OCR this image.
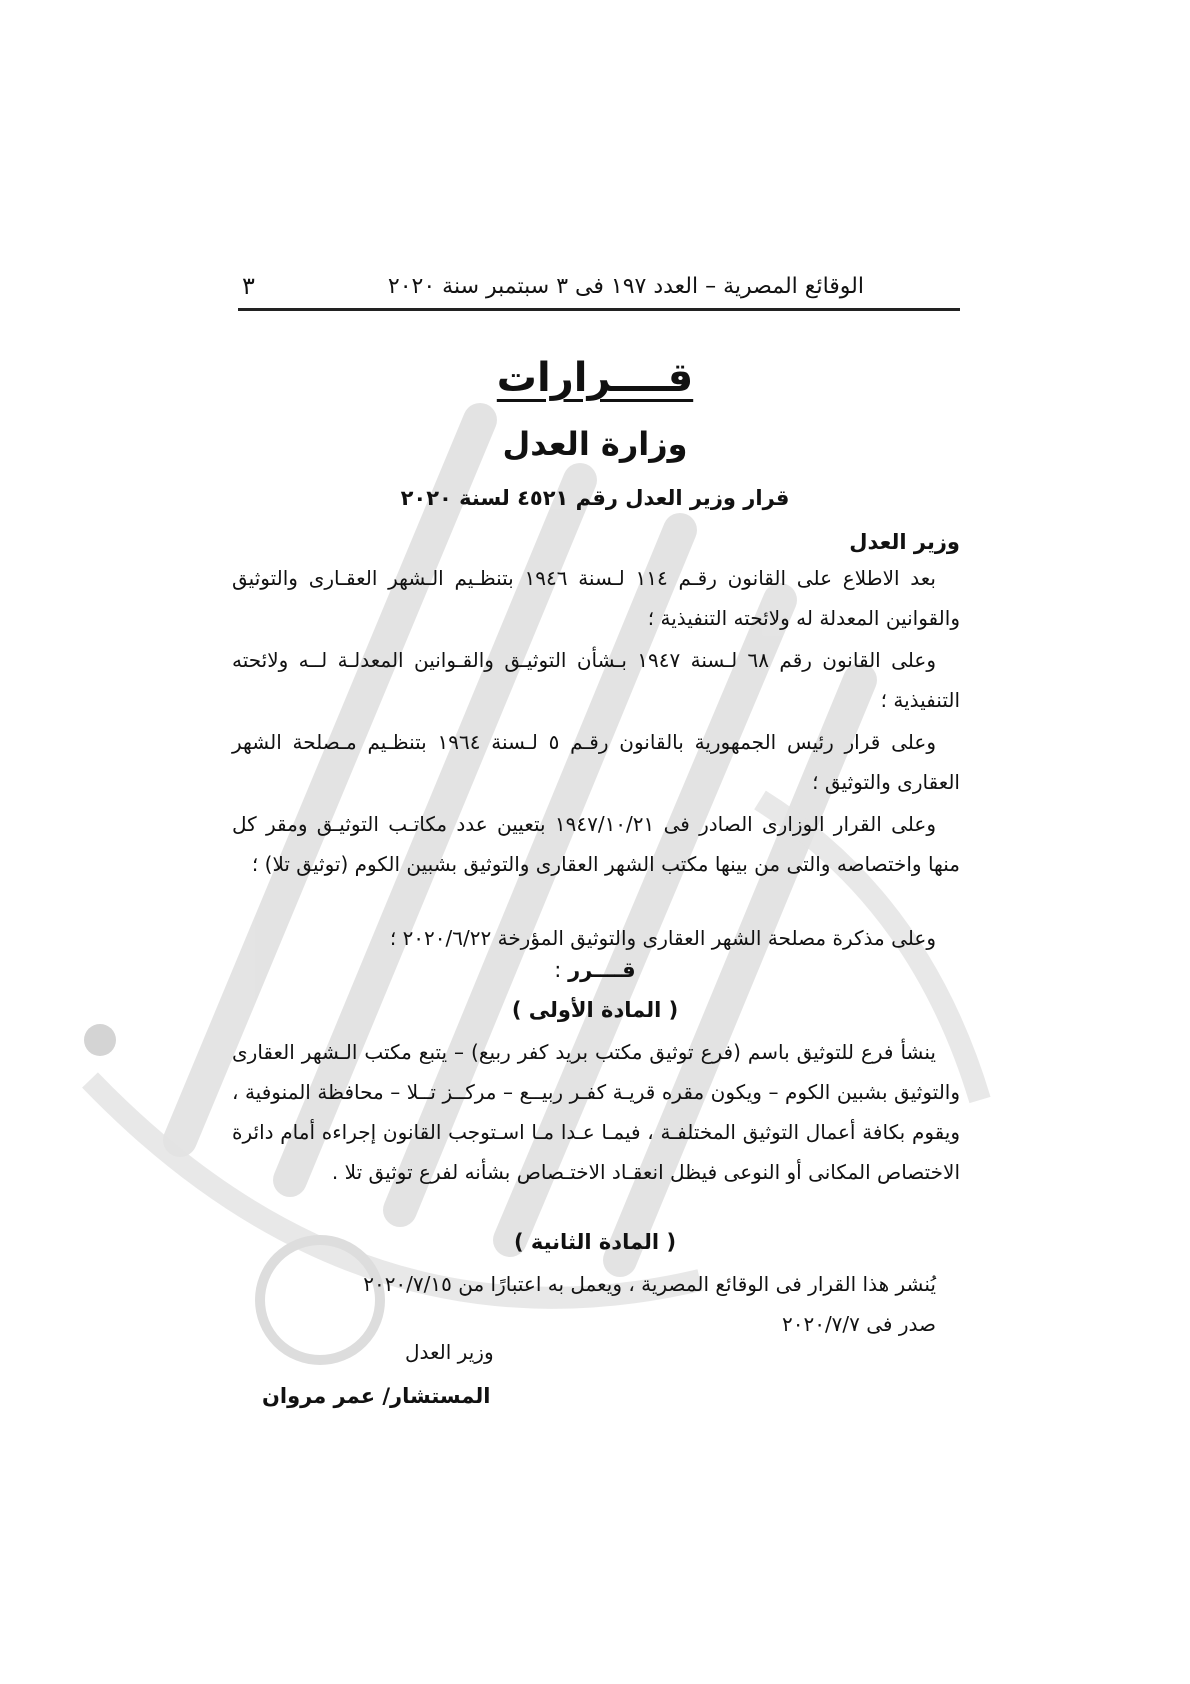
الوقائع المصرية – العدد ١٩٧ فى ٣ سبتمبر سنة ٢٠٢٠
٣
قــــرارات
وزارة العدل
قرار وزير العدل رقم ٤٥٢١ لسنة ٢٠٢٠
وزير العدل
بعد الاطلاع على القانون رقـم ١١٤ لـسنة ١٩٤٦ بتنظـيم الـشهر العقـارى والتوثيق والقوانين المعدلة له ولائحته التنفيذية ؛
وعلى القانون رقم ٦٨ لـسنة ١٩٤٧ بـشأن التوثيـق والقـوانين المعدلـة لــه ولائحته التنفيذية ؛
وعلى قرار رئيس الجمهورية بالقانون رقـم ٥ لـسنة ١٩٦٤ بتنظـيم مـصلحة الشهر العقارى والتوثيق ؛
وعلى القرار الوزارى الصادر فى ١٩٤٧/١٠/٢١ بتعيين عدد مكاتـب التوثيـق ومقر كل منها واختصاصه والتى من بينها مكتب الشهر العقارى والتوثيق بشبين الكوم (توثيق تلا) ؛
وعلى مذكرة مصلحة الشهر العقارى والتوثيق المؤرخة ٢٠٢٠/٦/٢٢ ؛
قــــرر :
( المادة الأولى )
ينشأ فرع للتوثيق باسم (فرع توثيق مكتب بريد كفر ربيع) – يتبع مكتب الـشهر العقارى والتوثيق بشبين الكوم – ويكون مقره قريـة كفـر ربيــع – مركــز تــلا – محافظة المنوفية ، ويقوم بكافة أعمال التوثيق المختلفـة ، فيمـا عـدا مـا اسـتوجب القانون إجراءه أمام دائرة الاختصاص المكانى أو النوعى فيظل انعقـاد الاختـصاص بشأنه لفرع توثيق تلا .
( المادة الثانية )
يُنشر هذا القرار فى الوقائع المصرية ، ويعمل به اعتبارًا من ٢٠٢٠/٧/١٥
صدر فى ٢٠٢٠/٧/٧
وزير العدل
المستشار/ عمر مروان
